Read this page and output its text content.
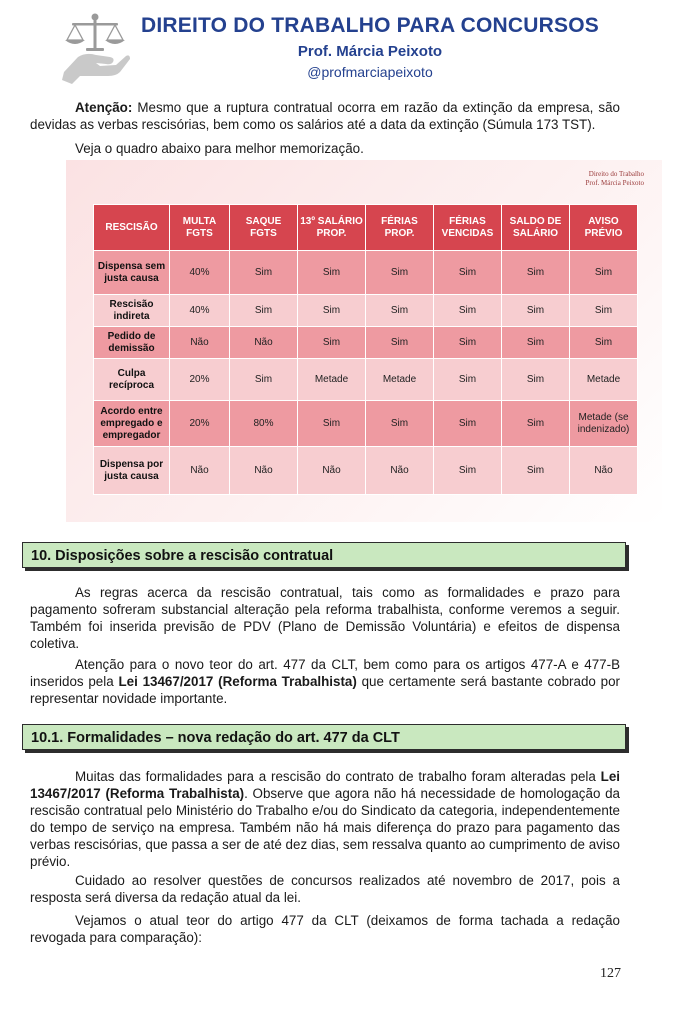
DIREITO DO TRABALHO PARA CONCURSOS
Prof. Márcia Peixoto
@profmarciapeixoto
Atenção: Mesmo que a ruptura contratual ocorra em razão da extinção da empresa, são devidas as verbas rescisórias, bem como os salários até a data da extinção (Súmula 173 TST).
Veja o quadro abaixo para melhor memorização.
Direito do Trabalho
Prof. Márcia Peixoto
RESCISÃO	MULTA FGTS	SAQUE FGTS	13º SALÁRIO PROP.	FÉRIAS PROP.	FÉRIAS VENCIDAS	SALDO DE SALÁRIO	AVISO PRÉVIO
Dispensa sem justa causa	40%	Sim	Sim	Sim	Sim	Sim	Sim
Rescisão indireta	40%	Sim	Sim	Sim	Sim	Sim	Sim
Pedido de demissão	Não	Não	Sim	Sim	Sim	Sim	Sim
Culpa recíproca	20%	Sim	Metade	Metade	Sim	Sim	Metade
Acordo entre empregado e empregador	20%	80%	Sim	Sim	Sim	Sim	Metade (se indenizado)
Dispensa por justa causa	Não	Não	Não	Não	Sim	Sim	Não
10. Disposições sobre a rescisão contratual
As regras acerca da rescisão contratual, tais como as formalidades e prazo para pagamento sofreram substancial alteração pela reforma trabalhista, conforme veremos a seguir. Também foi inserida previsão de PDV (Plano de Demissão Voluntária) e efeitos de dispensa coletiva.
Atenção para o novo teor do art. 477 da CLT, bem como para os artigos 477-A e 477-B inseridos pela Lei 13467/2017 (Reforma Trabalhista) que certamente será bastante cobrado por representar novidade importante.
10.1. Formalidades – nova redação do art. 477 da CLT
Muitas das formalidades para a rescisão do contrato de trabalho foram alteradas pela Lei 13467/2017 (Reforma Trabalhista). Observe que agora não há necessidade de homologação da rescisão contratual pelo Ministério do Trabalho e/ou do Sindicato da categoria, independentemente do tempo de serviço na empresa. Também não há mais diferença do prazo para pagamento das verbas rescisórias, que passa a ser de até dez dias, sem ressalva quanto ao cumprimento de aviso prévio.
Cuidado ao resolver questões de concursos realizados até novembro de 2017, pois a resposta será diversa da redação atual da lei.
Vejamos o atual teor do artigo 477 da CLT (deixamos de forma tachada a redação revogada para comparação):
127
